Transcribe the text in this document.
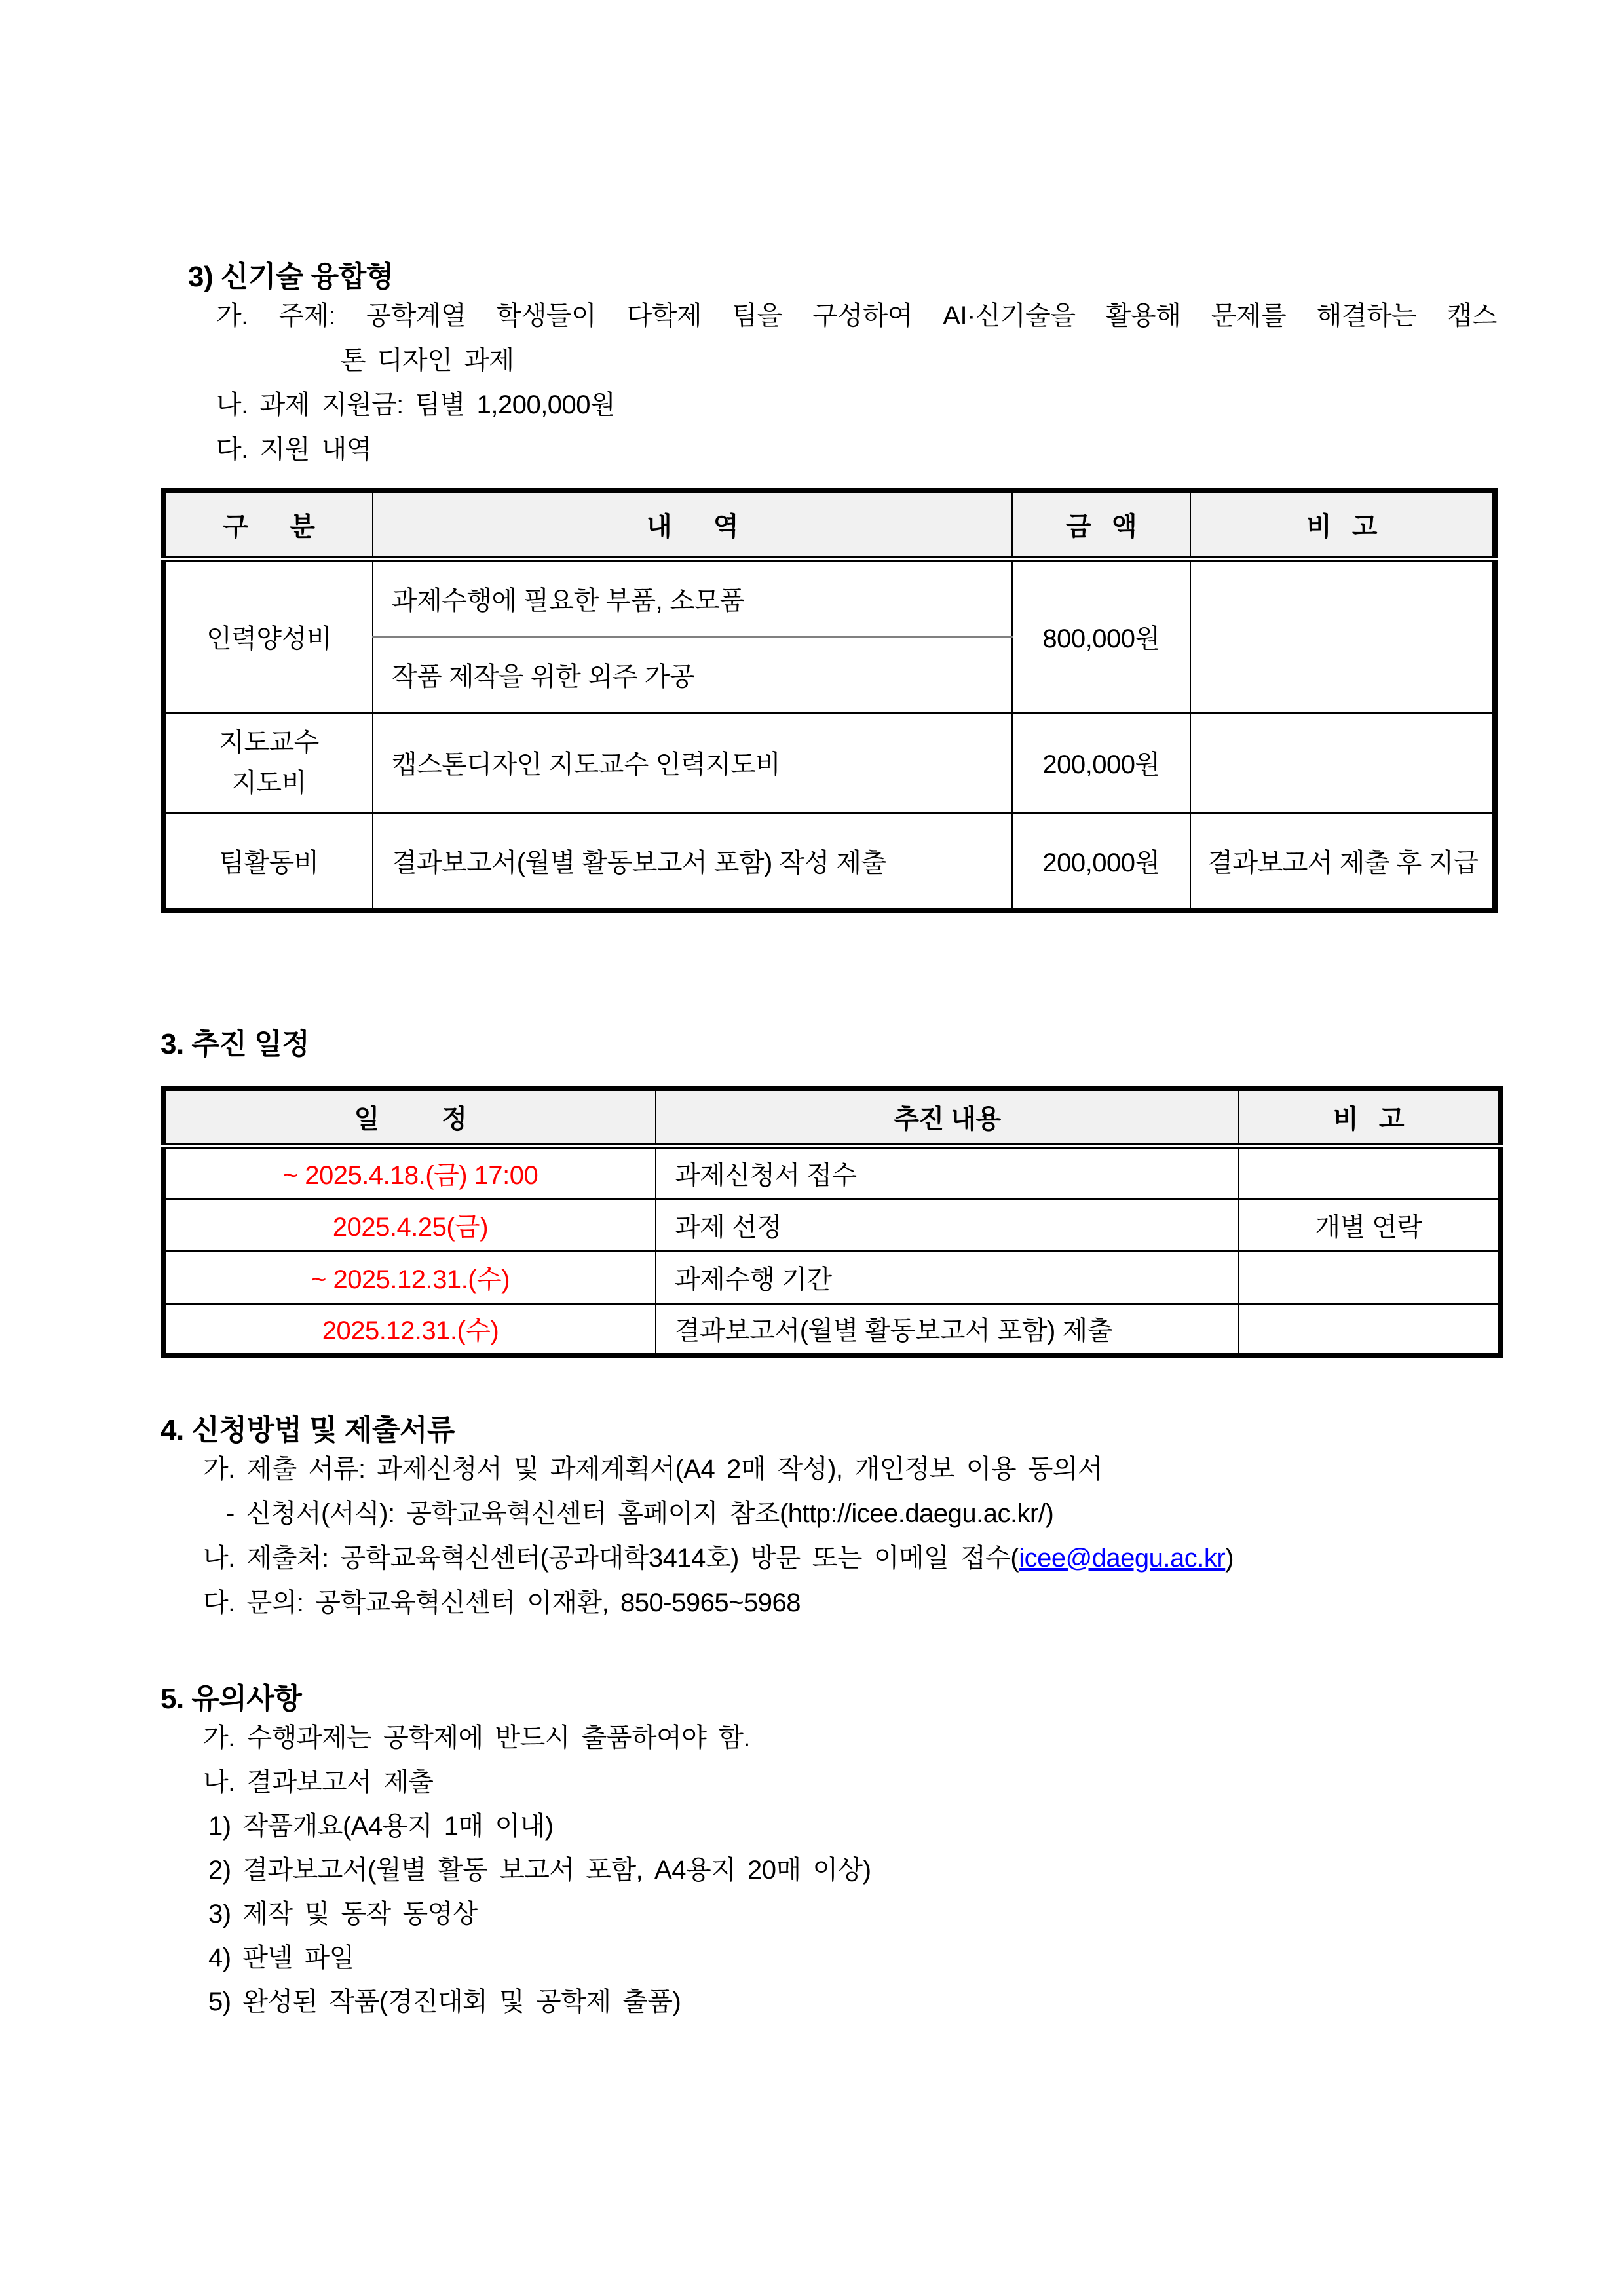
3) 신기술 융합형
가. 주제: 공학계열 학생들이 다학제 팀을 구성하여 AI·신기술을 활용해 문제를 해결하는 캡스
톤 디자인 과제
나. 과제 지원금: 팀별 1,200,000원
다. 지원 내역
구      분	내      역	금   액	비   고
인력양성비	과제수행에 필요한 부품, 소모품	800,000원	
	작품 제작을 위한 외주 가공		

지도교수
지도비	캡스톤디자인 지도교수 인력지도비	200,000원	
팀활동비	결과보고서(월별 활동보고서 포함) 작성 제출	200,000원	결과보고서 제출 후 지급
3. 추진 일정
일         정	추진 내용	비   고
~ 2025.4.18.(금) 17:00	과제신청서 접수	
2025.4.25(금)	과제 선정	개별 연락
~ 2025.12.31.(수)	과제수행 기간	
2025.12.31.(수)	결과보고서(월별 활동보고서 포함) 제출	
4. 신청방법 및 제출서류
가. 제출 서류: 과제신청서 및 과제계획서(A4 2매 작성), 개인정보 이용 동의서
- 신청서(서식): 공학교육혁신센터 홈페이지 참조(http://icee.daegu.ac.kr/)
나. 제출처: 공학교육혁신센터(공과대학3414호) 방문 또는 이메일 접수(icee@daegu.ac.kr)
다. 문의: 공학교육혁신센터 이재환, 850-5965~5968
5. 유의사항
가. 수행과제는 공학제에 반드시 출품하여야 함.
나. 결과보고서 제출
1) 작품개요(A4용지 1매 이내)
2) 결과보고서(월별 활동 보고서 포함, A4용지 20매 이상)
3) 제작 및 동작 동영상
4) 판넬 파일
5) 완성된 작품(경진대회 및 공학제 출품)
